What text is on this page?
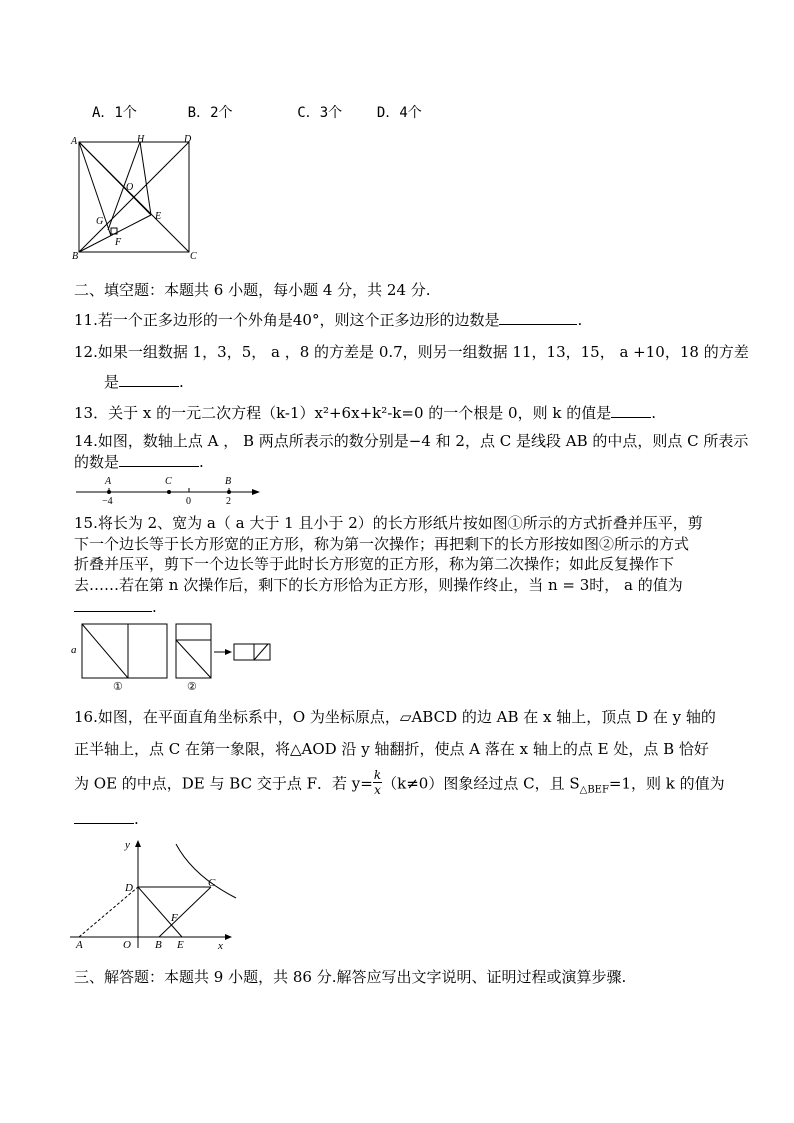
A．1个	B．2个	C．3个 D．4个
A	H	D
O
G	E
F
B	C
二、填空题：本题共 6 小题，每小题 4 分，共 24 分.
11.若一个正多边形的一个外角是40°，则这个正多边形的边数是	.
12.如果一组数据 1，3，5， a ，8 的方差是 0.7，则另一组数据 11，13，15， a +10，18 的方差
是	.
13．关于 x 的一元二次方程（k-1）x²+6x+k²-k=0 的一个根是 0，则 k 的值是	.
14.如图，数轴上点 A ， B 两点所表示的数分别是−4 和 2，点 C 是线段 AB 的中点，则点 C 所表示
的数是	.
A	C	B
−4	0	2
15.将长为 2、宽为 a（ a 大于 1 且小于 2）的长方形纸片按如图①所示的方式折叠并压平，剪
下一个边长等于长方形宽的正方形，称为第一次操作；再把剩下的长方形按如图②所示的方式
折叠并压平，剪下一个边长等于此时长方形宽的正方形，称为第二次操作；如此反复操作下
去……若在第 n 次操作后，剩下的长方形恰为正方形，则操作终止，当 n = 3时， a 的值为
.
a
①	②
16.如图，在平面直角坐标系中，O 为坐标原点，▱ABCD 的边 AB 在 x 轴上，顶点 D 在 y 轴的
正半轴上，点 C 在第一象限，将△AOD 沿 y 轴翻折，使点 A 落在 x 轴上的点 E 处，点 B 恰好
为 OE 的中点，DE 与 BC 交于点 F．若 $y= \frac{k}{x} (k\ne 0)$图象经过点 C，且 $S_{\triangle BEF}=1$，则 k 的值为
.
y
D	C
F
A	O B E	x
三、解答题：本题共 9 小题，共 86 分.解答应写出文字说明、证明过程或演算步骤.
